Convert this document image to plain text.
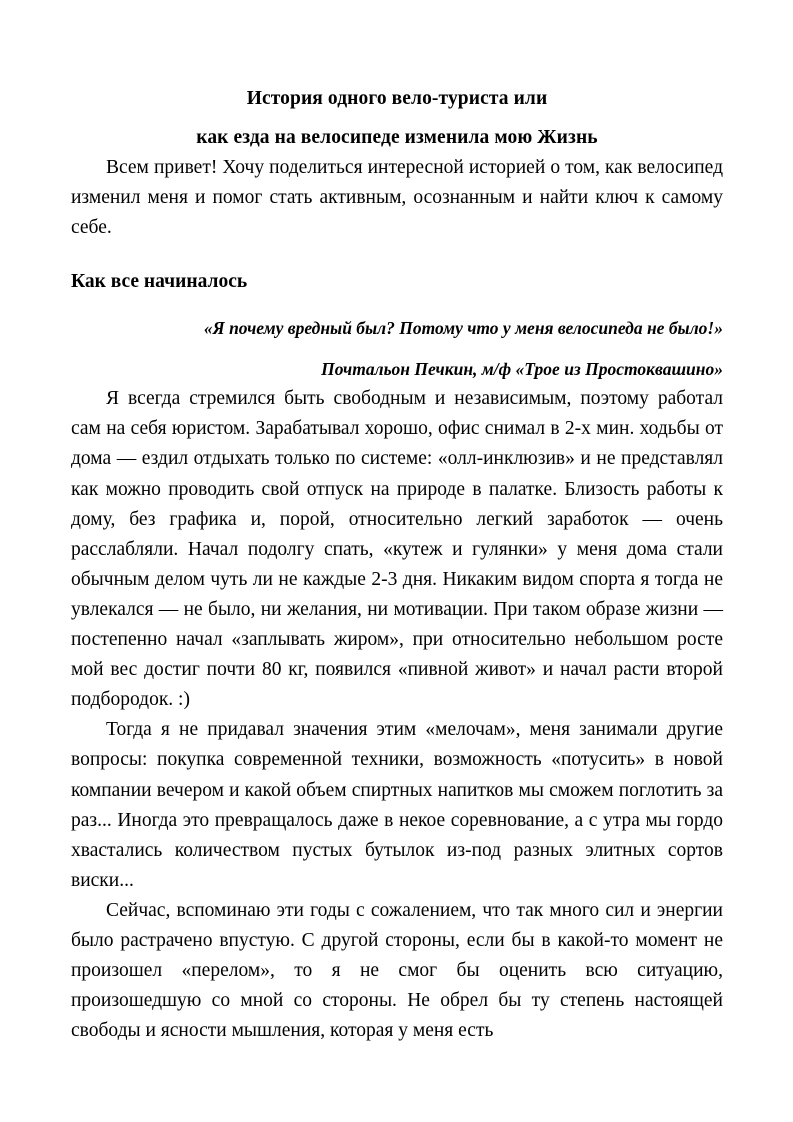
История одного вело-туриста или
как езда на велосипеде изменила мою Жизнь

Всем привет! Хочу поделиться интересной историей о том, как велосипед изменил меня и помог стать активным, осознанным и найти ключ к самому себе.

Как все начиналось

«Я почему вредный был? Потому что у меня велосипеда не было!»

Почтальон Печкин, м/ф «Трое из Простоквашино»

Я всегда стремился быть свободным и независимым, поэтому работал сам на себя юристом. Зарабатывал хорошо, офис снимал в 2-х мин. ходьбы от дома — ездил отдыхать только по системе: «олл-инклюзив» и не представлял как можно проводить свой отпуск на природе в палатке. Близость работы к дому, без графика и, порой, относительно легкий заработок — очень расслабляли. Начал подолгу спать, «кутеж и гулянки» у меня дома стали обычным делом чуть ли не каждые 2-3 дня. Никаким видом спорта я тогда не увлекался — не было, ни желания, ни мотивации. При таком образе жизни — постепенно начал «заплывать жиром», при относительно небольшом росте мой вес достиг почти 80 кг, появился «пивной живот» и начал расти второй подбородок. :)

Тогда я не придавал значения этим «мелочам», меня занимали другие вопросы: покупка современной техники, возможность «потусить» в новой компании вечером и какой объем спиртных напитков мы сможем поглотить за раз... Иногда это превращалось даже в некое соревнование, а с утра мы гордо хвастались количеством пустых бутылок из-под разных элитных сортов виски...

Сейчас, вспоминаю эти годы с сожалением, что так много сил и энергии было растрачено впустую. С другой стороны, если бы в какой-то момент не произошел «перелом», то я не смог бы оценить всю ситуацию, произошедшую со мной со стороны. Не обрел бы ту степень настоящей свободы и ясности мышления, которая у меня есть
